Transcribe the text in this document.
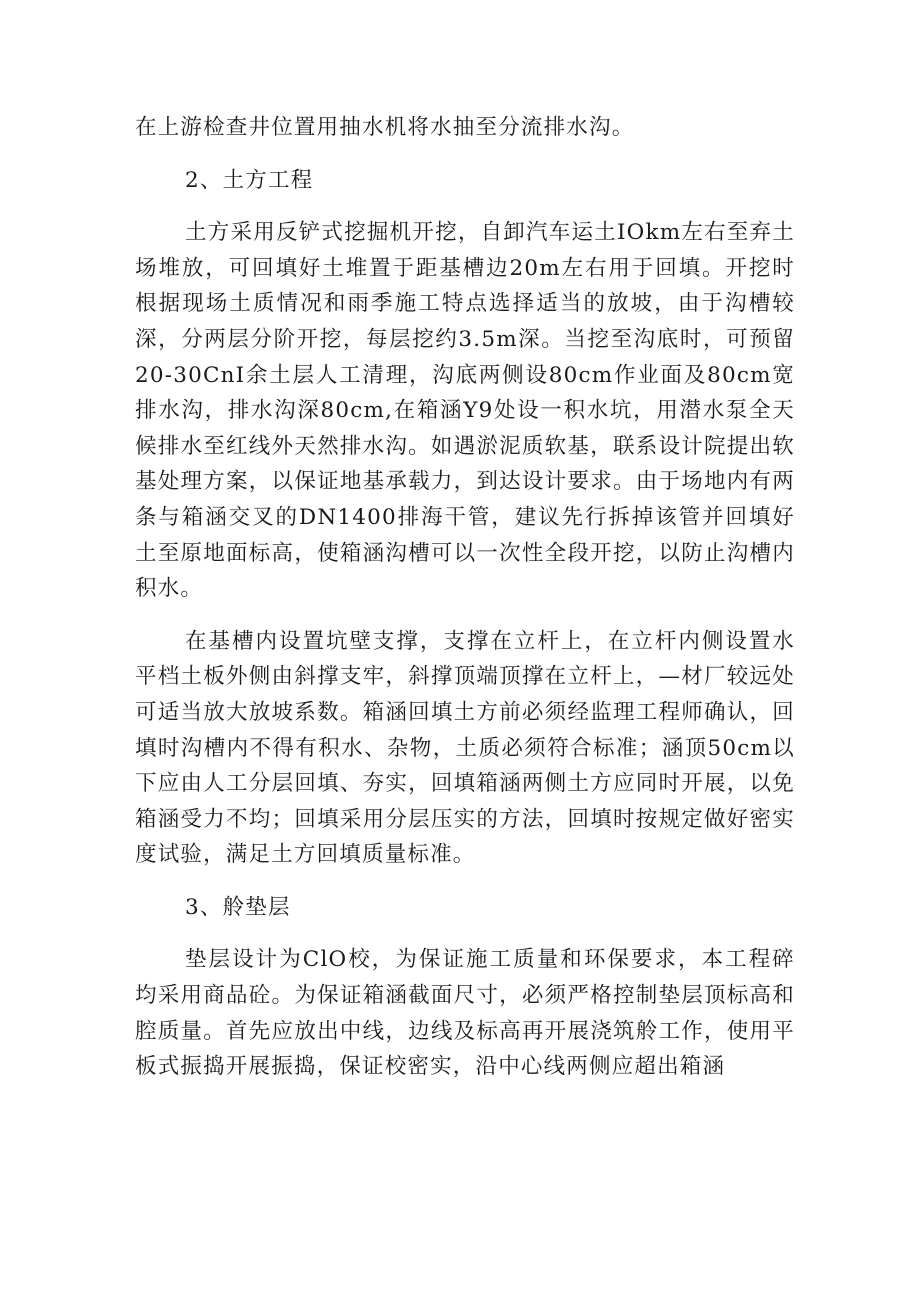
在上游检查井位置用抽水机将水抽至分流排水沟。

2、土方工程

土方采用反铲式挖掘机开挖，自卸汽车运土IOkm左右至弃土场堆放，可回填好土堆置于距基槽边20m左右用于回填。开挖时根据现场土质情况和雨季施工特点选择适当的放坡，由于沟槽较深，分两层分阶开挖，每层挖约3.5m深。当挖至沟底时，可预留20-30CnI余土层人工清理，沟底两侧设80cm作业面及80cm宽排水沟，排水沟深80cm,在箱涵Y9处设一积水坑，用潜水泵全天候排水至红线外天然排水沟。如遇淤泥质软基，联系设计院提出软基处理方案，以保证地基承载力，到达设计要求。由于场地内有两条与箱涵交叉的DN1400排海干管，建议先行拆掉该管并回填好土至原地面标高，使箱涵沟槽可以一次性全段开挖，以防止沟槽内积水。

在基槽内设置坑壁支撑，支撑在立杆上，在立杆内侧设置水平档土板外侧由斜撑支牢，斜撑顶端顶撑在立杆上，—材厂较远处可适当放大放坡系数。箱涵回填土方前必须经监理工程师确认，回填时沟槽内不得有积水、杂物，土质必须符合标准；涵顶50cm以下应由人工分层回填、夯实，回填箱涵两侧土方应同时开展，以免箱涵受力不均；回填采用分层压实的方法，回填时按规定做好密实度试验，满足土方回填质量标准。

3、舲垫层

垫层设计为ClO校，为保证施工质量和环保要求，本工程碎均采用商品砼。为保证箱涵截面尺寸，必须严格控制垫层顶标高和腔质量。首先应放出中线，边线及标高再开展浇筑舲工作，使用平板式振捣开展振捣，保证校密实，沿中心线两侧应超出箱涵
